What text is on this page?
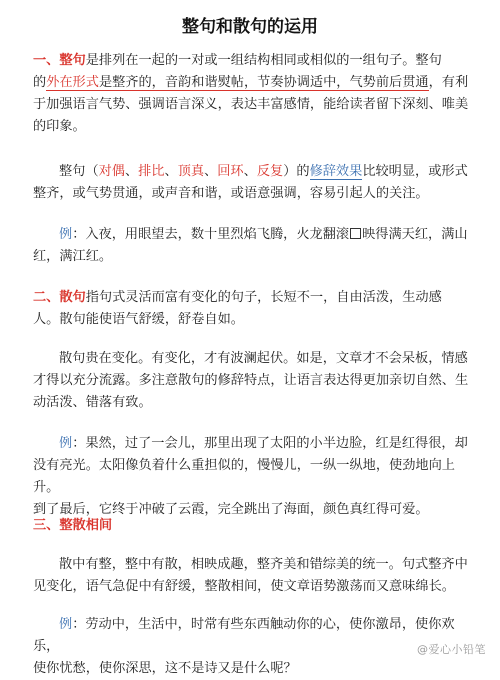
整句和散句的运用
一、整句是排列在一起的一对或一组结构相同或相似的一组句子。整句
的外在形式是整齐的，音韵和谐熨帖，节奏协调适中，气势前后贯通，有利
于加强语言气势、强调语言深义，表达丰富感情，能给读者留下深刻、唯美
的印象。
整句（对偶、排比、顶真、回环、反复）的修辞效果比较明显，或形式
整齐，或气势贯通，或声音和谐，或语意强调，容易引起人的关注。
例：入夜，用眼望去，数十里烈焰飞腾，火龙翻滚 映得满天红，满山
红，满江红。
二、散句指句式灵活而富有变化的句子，长短不一，自由活泼，生动感
人。散句能使语气舒缓，舒卷自如。
散句贵在变化。有变化，才有波澜起伏。如是，文章才不会呆板，情感
才得以充分流露。多注意散句的修辞特点，让语言表达得更加亲切自然、生
动活泼、错落有致。
例：果然，过了一会儿，那里出现了太阳的小半边脸，红是红得很，却
没有亮光。太阳像负着什么重担似的，慢慢儿，一纵一纵地，使劲地向上升。
到了最后，它终于冲破了云霞，完全跳出了海面，颜色真红得可爱。
三、整散相间
散中有整，整中有散，相映成趣，整齐美和错综美的统一。句式整齐中
见变化，语气急促中有舒缓，整散相间，使文章语势激荡而又意味绵长。
例：劳动中，生活中，时常有些东西触动你的心，使你激昂，使你欢乐，
使你忧愁，使你深思，这不是诗又是什么呢？
@爱心小铅笔
